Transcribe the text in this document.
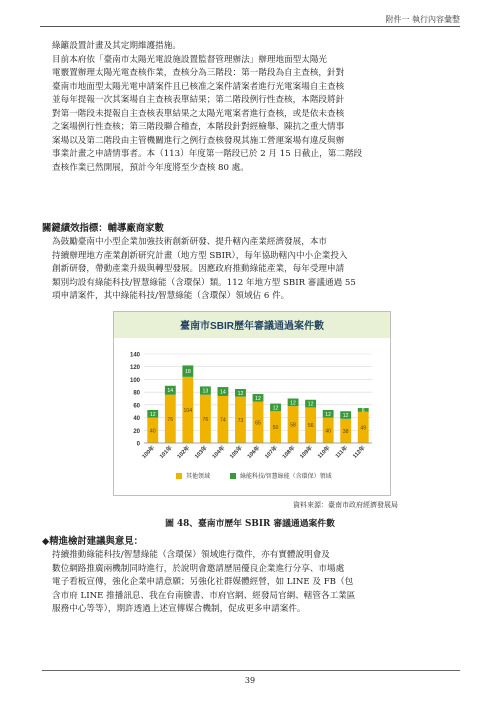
附件一 執行內容彙整
綠籬設置計畫及其定期維護措施。
目前本府依「臺南市太陽光電設施設置監督管理辦法」辦理地面型太陽光
電覈置辦理太陽光電查核作業，查核分為三階段：第一階段為自主查核，針對
臺南市地面型太陽光電申請案件且已核准之案件請案者進行光電案場自主查核
並每年提報一次其案場自主查核表單結果；第二階段例行性查核，本階段將針
對第一階段未提報自主查核表單結果之太陽光電案者進行查核，或是依未查核
之案場例行性查核；第三階段聯合稽查，本階段針對經檢舉、陳抗之重大情事
案場以及第二階段由主管機關進行之例行查核發現其施工營運案場有違反與辦
事業計畫之申請情事者。本（113）年度第一階段已於 2 月 15 日截止，第二階段
查核作業已然開展，預計今年度將至少查核 80 處。
關鍵績效指標：輔導廠商家數
為鼓勵臺南中小型企業加強技術創新研發、提升轄內產業經濟發展，本市
持續辦理地方產業創新研究計畫（地方型 SBIR），每年協助轄內中小企業投入
創新研發，帶動產業升級與轉型發展。因應政府推動綠能產業，每年受理申請
類別均設有綠能科技/智慧綠能（含環保）類。112 年地方型 SBIR 審議通過 55
項申請案件，其中綠能科技/智慧綠能（含環保）領域佔 6 件。
臺南市SBIR歷年審議通過案件數
0
20
40
60
80
100
120
140
40
12
100年
76
14
101年
104
18
102年
76
13
103年
74
14
104年
73
12
105年
65
12
106年
50
12
107年
58
12
108年
56
12
109年
40
12
110年
38
12
111年
49
6
112年
其他領域	綠能科技/智慧綠能（含環保）領域
資料來源：臺南市政府經濟發展局
圖 48、臺南市歷年 SBIR 審議通過案件數
◆精進檢討建議與意見：
持續推動綠能科技/智慧綠能（含環保）領域進行徵件，亦有實體說明會及
數位網路推廣兩機制同時進行，於說明會邀請歷屆優良企業進行分享、市場處
電子看板宣傳，強化企業申請意願；另強化社群媒體經營，如 LINE 及 FB（包
含市府 LINE 推播訊息、我在台南臉書、市府官網、經發局官網、轄管各工業區
服務中心等等），期許透過上述宣傳媒合機制，促成更多申請案件。
39
